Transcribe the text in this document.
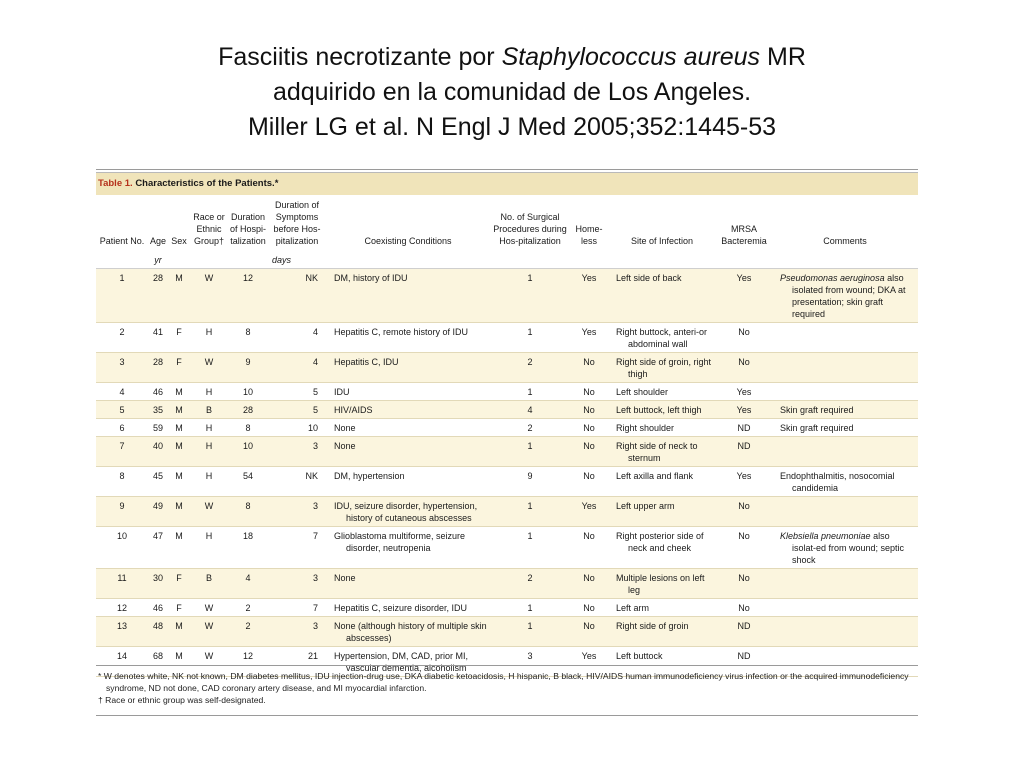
Fasciitis necrotizante por Staphylococcus aureus MR
adquirido en la comunidad de Los Angeles.
Miller LG et al. N Engl J Med 2005;352:1445-53
Table 1. Characteristics of the Patients.*
Patient No.	Age	Sex	Race or Ethnic Group†	Duration of Hospi-talization	Duration of Symptoms before Hos-pitalization	Coexisting Conditions	No. of Surgical Procedures during Hos-pitalization	Home-less	Site of Infection	MRSA Bacteremia	Comments
	yr				days						
1	28	M	W	12	NK	DM, history of IDU	1	Yes	Left side of back	Yes	Pseudomonas aeruginosa also isolated from wound; DKA at presentation; skin graft required

2	41	F	H	8	4	Hepatitis C, remote history of IDU	1	Yes	Right buttock, anteri-or abdominal wall	No	

3	28	F	W	9	4	Hepatitis C, IDU	2	No	Right side of groin, right thigh	No	

4	46	M	H	10	5	IDU	1	No	Left shoulder	Yes	

5	35	M	B	28	5	HIV/AIDS	4	No	Left buttock, left thigh	Yes	Skin graft required

6	59	M	H	8	10	None	2	No	Right shoulder	ND	Skin graft required

7	40	M	H	10	3	None	1	No	Right side of neck to sternum	ND	

8	45	M	H	54	NK	DM, hypertension	9	No	Left axilla and flank	Yes	Endophthalmitis, nosocomial candidemia

9	49	M	W	8	3	IDU, seizure disorder, hypertension, history of cutaneous abscesses	1	Yes	Left upper arm	No	

10	47	M	H	18	7	Glioblastoma multiforme, seizure disorder, neutropenia	1	No	Right posterior side of neck and cheek	No	Klebsiella pneumoniae also isolat-ed from wound; septic shock

11	30	F	B	4	3	None	2	No	Multiple lesions on left leg	No	

12	46	F	W	2	7	Hepatitis C, seizure disorder, IDU	1	No	Left arm	No	

13	48	M	W	2	3	None (although history of multiple skin abscesses)	1	No	Right side of groin	ND	

14	68	M	W	12	21	Hypertension, DM, CAD, prior MI, vascular dementia, alcoholism	3	Yes	Left buttock	ND	
* W denotes white, NK not known, DM diabetes mellitus, IDU injection-drug use, DKA diabetic ketoacidosis, H hispanic, B black, HIV/AIDS human immunodeficiency virus infection or the acquired immunodeficiency syndrome, ND not done, CAD coronary artery disease, and MI myocardial infarction.
† Race or ethnic group was self-designated.
